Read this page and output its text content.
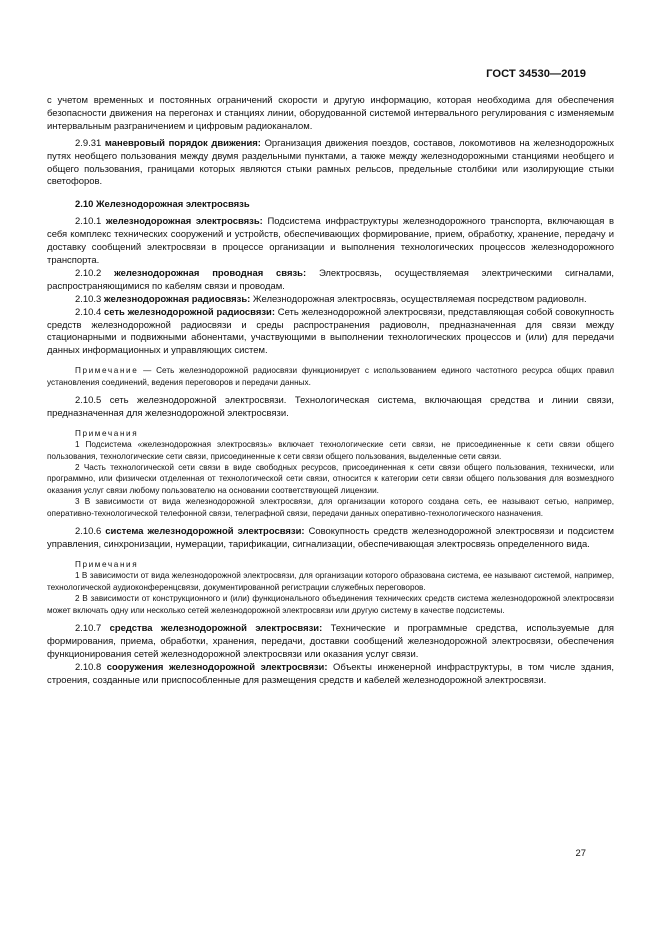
ГОСТ 34530—2019

с учетом временных и постоянных ограничений скорости и другую информацию, которая необходима для обеспечения безопасности движения на перегонах и станциях линии, оборудованной системой интервального регулирования с изменяемым интервальным разграничением и цифровым радиоканалом.

2.9.31 маневровый порядок движения: Организация движения поездов, составов, локомотивов на железнодорожных путях необщего пользования между двумя раздельными пунктами, а также между железнодорожными станциями необщего и общего пользования, границами которых являются стыки рамных рельсов, предельные столбики или изолирующие стыки светофоров.

2.10 Железнодорожная электросвязь

2.10.1 железнодорожная электросвязь: Подсистема инфраструктуры железнодорожного транспорта, включающая в себя комплекс технических сооружений и устройств, обеспечивающих формирование, прием, обработку, хранение, передачу и доставку сообщений электросвязи в процессе организации и выполнения технологических процессов железнодорожного транспорта.

2.10.2 железнодорожная проводная связь: Электросвязь, осуществляемая электрическими сигналами, распространяющимися по кабелям связи и проводам.

2.10.3 железнодорожная радиосвязь: Железнодорожная электросвязь, осуществляемая посредством радиоволн.

2.10.4 сеть железнодорожной радиосвязи: Сеть железнодорожной электросвязи, представляющая собой совокупность средств железнодорожной радиосвязи и среды распространения радиоволн, предназначенная для связи между стационарными и подвижными абонентами, участвующими в выполнении технологических процессов и (или) для передачи данных информационных и управляющих систем.

Примечание — Сеть железнодорожной радиосвязи функционирует с использованием единого частотного ресурса общих правил установления соединений, ведения переговоров и передачи данных.

2.10.5 сеть железнодорожной электросвязи. Технологическая система, включающая средства и линии связи, предназначенная для железнодорожной электросвязи.

Примечания

1 Подсистема «железнодорожная электросвязь» включает технологические сети связи, не присоединенные к сети связи общего пользования, технологические сети связи, присоединенные к сети связи общего пользования, выделенные сети связи.

2 Часть технологической сети связи в виде свободных ресурсов, присоединенная к сети связи общего пользования, технически, или программно, или физически отделенная от технологической сети связи, относится к категории сети связи общего пользования для возмездного оказания услуг связи любому пользователю на основании соответствующей лицензии.

3 В зависимости от вида железнодорожной электросвязи, для организации которого создана сеть, ее называют сетью, например, оперативно-технологической телефонной связи, телеграфной связи, передачи данных оперативно-технологического назначения.

2.10.6 система железнодорожной электросвязи: Совокупность средств железнодорожной электросвязи и подсистем управления, синхронизации, нумерации, тарификации, сигнализации, обеспечивающая электросвязь определенного вида.

Примечания

1 В зависимости от вида железнодорожной электросвязи, для организации которого образована система, ее называют системой, например, технологической аудиоконференцсвязи, документированной регистрации служебных переговоров.

2 В зависимости от конструкционного и (или) функционального объединения технических средств система железнодорожной электросвязи может включать одну или несколько сетей железнодорожной электросвязи или другую систему в качестве подсистемы.

2.10.7 средства железнодорожной электросвязи: Технические и программные средства, используемые для формирования, приема, обработки, хранения, передачи, доставки сообщений железнодорожной электросвязи, обеспечения функционирования сетей железнодорожной электросвязи или оказания услуг связи.

2.10.8 сооружения железнодорожной электросвязи: Объекты инженерной инфраструктуры, в том числе здания, строения, созданные или приспособленные для размещения средств и кабелей железнодорожной электросвязи.

27
